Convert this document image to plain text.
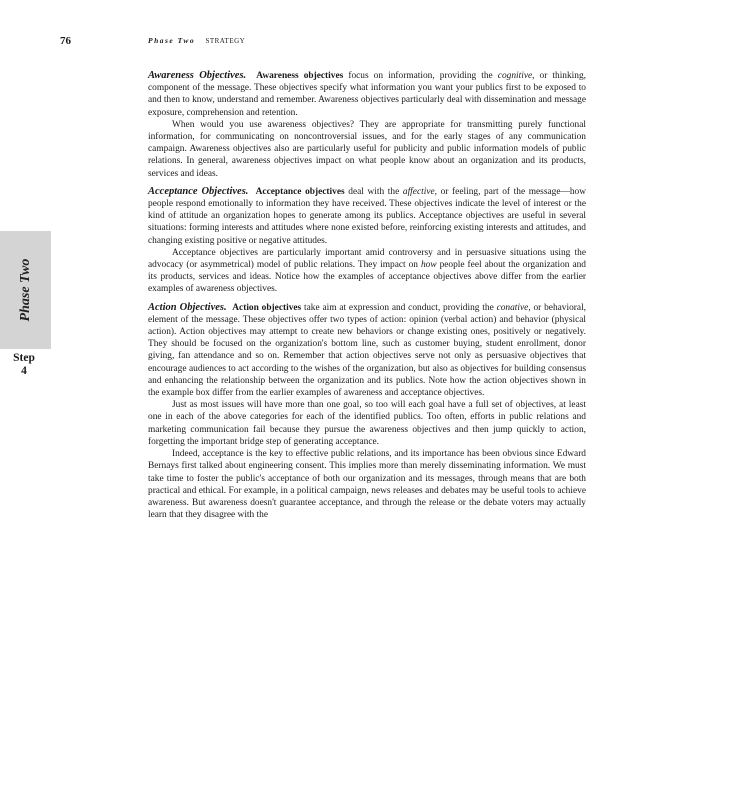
76	Phase Two STRATEGY
Phase Two
Step
4

Awareness Objectives. Awareness objectives focus on information, providing the cognitive, or thinking, component of the message. These objectives specify what information you want your publics first to be exposed to and then to know, understand and remember. Awareness objectives particularly deal with dissemination and message exposure, comprehension and retention.

When would you use awareness objectives? They are appropriate for transmitting purely functional information, for communicating on noncontroversial issues, and for the early stages of any communication campaign. Awareness objectives also are particularly useful for publicity and public information models of public relations. In general, awareness objectives impact on what people know about an organization and its products, services and ideas.

Acceptance Objectives. Acceptance objectives deal with the affective, or feeling, part of the message—how people respond emotionally to information they have received. These objectives indicate the level of interest or the kind of attitude an organization hopes to generate among its publics. Acceptance objectives are useful in several situations: forming interests and attitudes where none existed before, reinforcing existing interests and attitudes, and changing existing positive or negative attitudes.

Acceptance objectives are particularly important amid controversy and in persuasive situations using the advocacy (or asymmetrical) model of public relations. They impact on how people feel about the organization and its products, services and ideas. Notice how the examples of acceptance objectives above differ from the earlier examples of awareness objectives.

Action Objectives. Action objectives take aim at expression and conduct, providing the conative, or behavioral, element of the message. These objectives offer two types of action: opinion (verbal action) and behavior (physical action). Action objectives may attempt to create new behaviors or change existing ones, positively or negatively. They should be focused on the organization's bottom line, such as customer buying, student enrollment, donor giving, fan attendance and so on. Remember that action objectives serve not only as persuasive objectives that encourage audiences to act according to the wishes of the organization, but also as objectives for building consensus and enhancing the relationship between the organization and its publics. Note how the action objectives shown in the example box differ from the earlier examples of awareness and acceptance objectives.

Just as most issues will have more than one goal, so too will each goal have a full set of objectives, at least one in each of the above categories for each of the identified publics. Too often, efforts in public relations and marketing communication fail because they pursue the awareness objectives and then jump quickly to action, forgetting the important bridge step of generating acceptance.

Indeed, acceptance is the key to effective public relations, and its importance has been obvious since Edward Bernays first talked about engineering consent. This implies more than merely disseminating information. We must take time to foster the public's acceptance of both our organization and its messages, through means that are both practical and ethical. For example, in a political campaign, news releases and debates may be useful tools to achieve awareness. But awareness doesn't guarantee acceptance, and through the release or the debate voters may actually learn that they disagree with the
